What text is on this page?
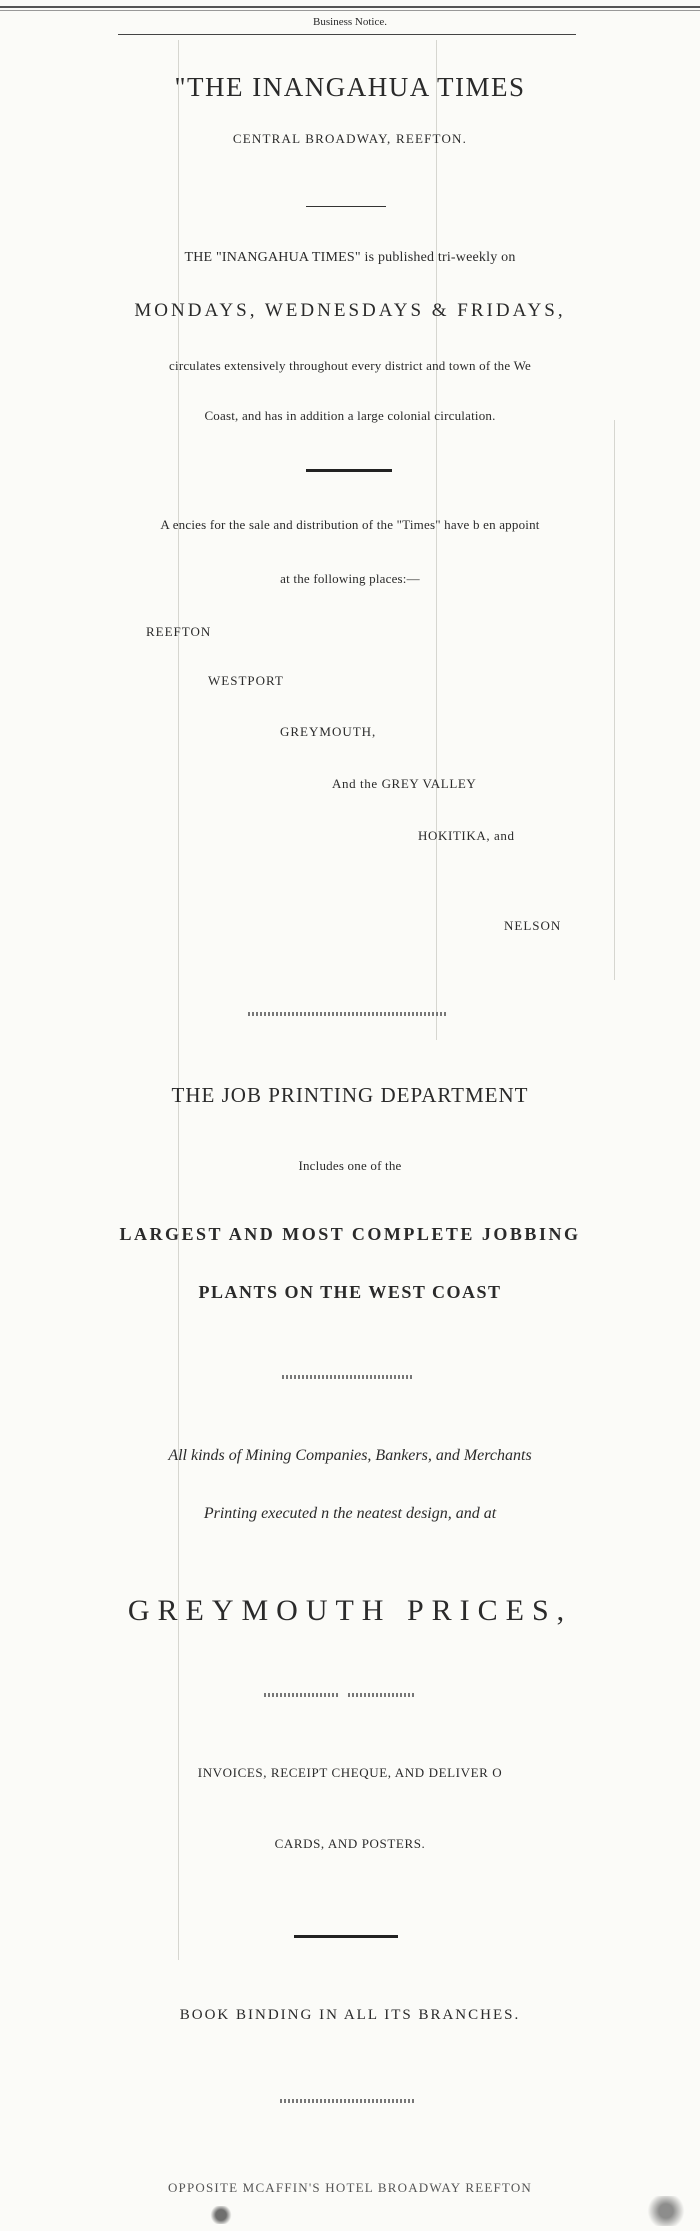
Business Notice.
"THE INANGAHUA TIMES
CENTRAL BROADWAY, REEFTON.
THE "INANGAHUA TIMES" is published tri-weekly on
MONDAYS, WEDNESDAYS & FRIDAYS,
circulates extensively throughout every district and town of the We
Coast, and has in addition a large colonial circulation.
A encies for the sale and distribution of the "Times" have b en appoint
at the following places:—
REEFTON
WESTPORT
GREYMOUTH,
And the GREY VALLEY
HOKITIKA, and
NELSON
THE JOB PRINTING DEPARTMENT
Includes one of the
LARGEST AND MOST COMPLETE JOBBING
PLANTS ON THE WEST COAST
All kinds of Mining Companies, Bankers, and Merchants
Printing executed n the neatest design, and at
GREYMOUTH PRICES,
INVOICES, RECEIPT CHEQUE, AND DELIVER O
CARDS, AND POSTERS.
BOOK BINDING IN ALL ITS BRANCHES.
OPPOSITE MCAFFIN'S HOTEL BROADWAY REEFTON
